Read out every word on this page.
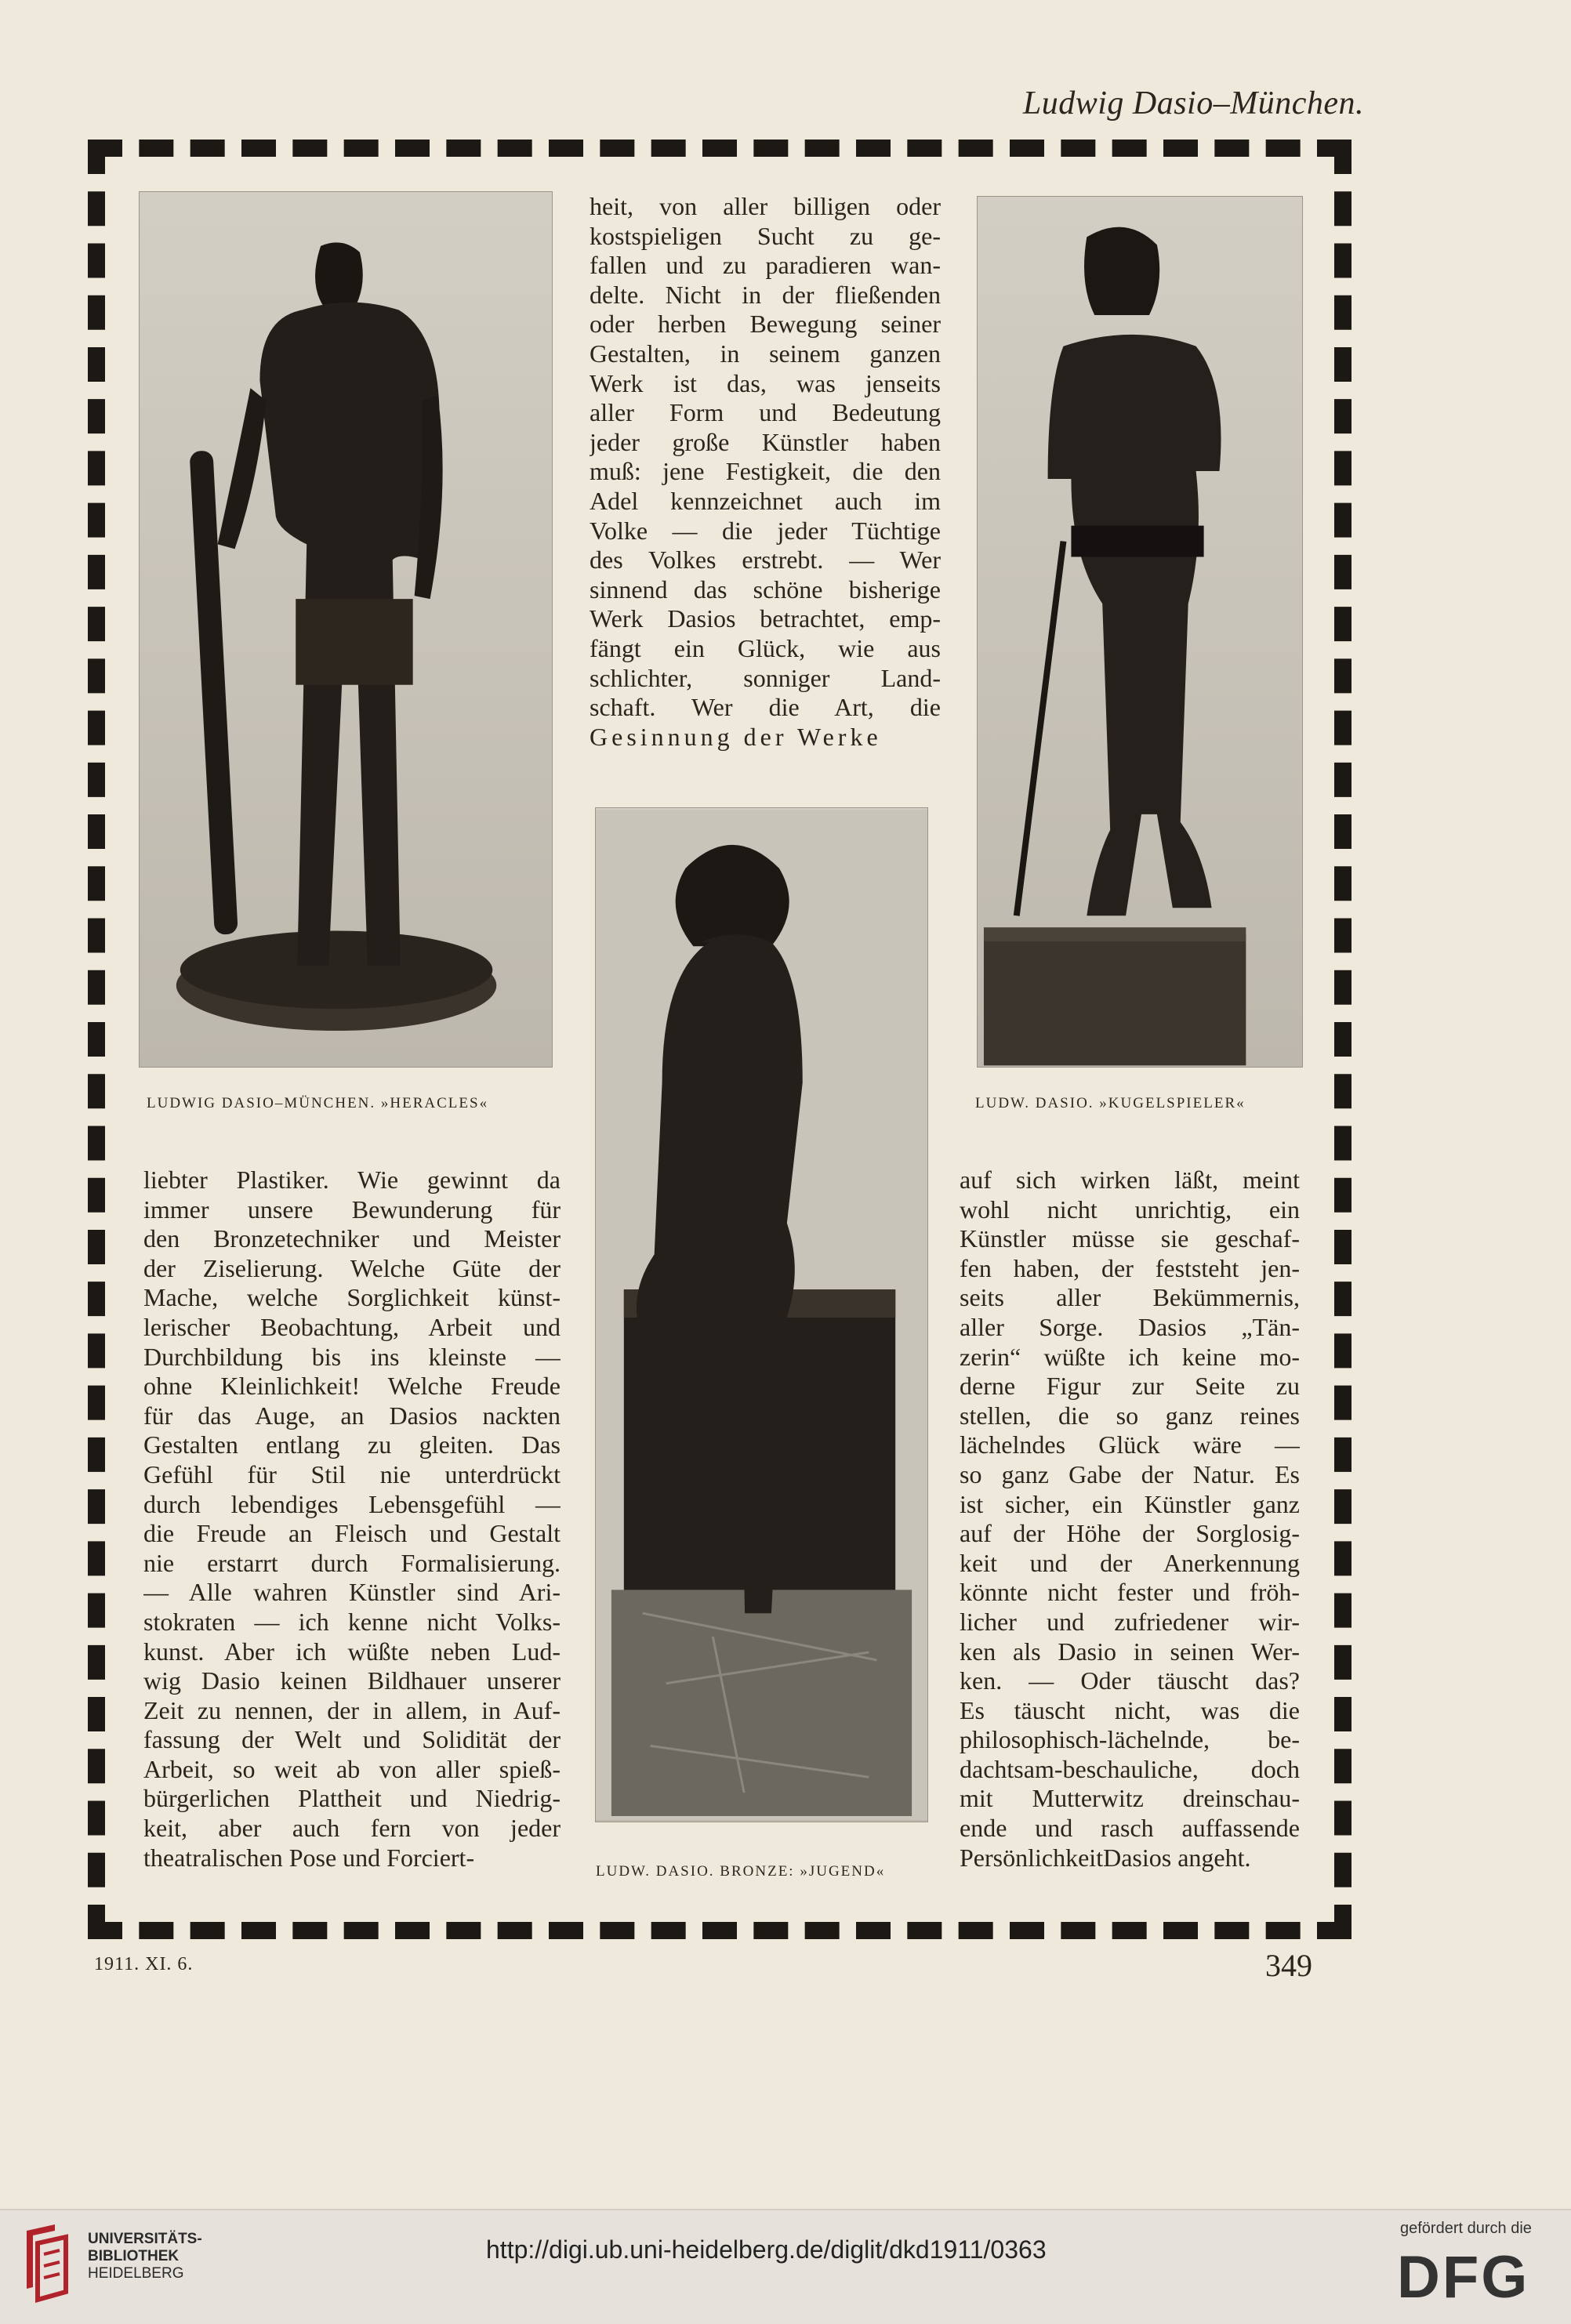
Ludwig Dasio–München.
LUDWIG DASIO–MÜNCHEN. »HERACLES«
LUDW. DASIO. BRONZE: »JUGEND«
LUDW. DASIO. »KUGELSPIELER«
heit, von aller billigen oder
kostspieligen Sucht zu ge-
fallen und zu paradieren wan-
delte. Nicht in der fließenden
oder herben Bewegung seiner
Gestalten, in seinem ganzen
Werk ist das, was jenseits
aller Form und Bedeutung
jeder große Künstler haben
muß: jene Festigkeit, die den
Adel kennzeichnet auch im
Volke — die jeder Tüchtige
des Volkes erstrebt. — Wer
sinnend das schöne bisherige
Werk Dasios betrachtet, emp-
fängt ein Glück, wie aus
schlichter, sonniger Land-
schaft. Wer die Art, die
Gesinnung der Werke
liebter Plastiker. Wie gewinnt da
immer unsere Bewunderung für
den Bronzetechniker und Meister
der Ziselierung. Welche Güte der
Mache, welche Sorglichkeit künst-
lerischer Beobachtung, Arbeit und
Durchbildung bis ins kleinste —
ohne Kleinlichkeit! Welche Freude
für das Auge, an Dasios nackten
Gestalten entlang zu gleiten. Das
Gefühl für Stil nie unterdrückt
durch lebendiges Lebensgefühl —
die Freude an Fleisch und Gestalt
nie erstarrt durch Formalisierung.
— Alle wahren Künstler sind Ari-
stokraten — ich kenne nicht Volks-
kunst. Aber ich wüßte neben Lud-
wig Dasio keinen Bildhauer unserer
Zeit zu nennen, der in allem, in Auf-
fassung der Welt und Solidität der
Arbeit, so weit ab von aller spieß-
bürgerlichen Plattheit und Niedrig-
keit, aber auch fern von jeder
theatralischen Pose und Forciert-
auf sich wirken läßt, meint
wohl nicht unrichtig, ein
Künstler müsse sie geschaf-
fen haben, der feststeht jen-
seits aller Bekümmernis,
aller Sorge. Dasios „Tän-
zerin“ wüßte ich keine mo-
derne Figur zur Seite zu
stellen, die so ganz reines
lächelndes Glück wäre —
so ganz Gabe der Natur. Es
ist sicher, ein Künstler ganz
auf der Höhe der Sorglosig-
keit und der Anerkennung
könnte nicht fester und fröh-
licher und zufriedener wir-
ken als Dasio in seinen Wer-
ken. — Oder täuscht das?
Es täuscht nicht, was die
philosophisch-lächelnde, be-
dachtsam-beschauliche, doch
mit Mutterwitz dreinschau-
ende und rasch auffassende
PersönlichkeitDasios angeht.
1911. XI. 6.	349
UNIVERSITÄTS-
BIBLIOTHEK
HEIDELBERG
http://digi.ub.uni-heidelberg.de/diglit/dkd1911/0363
gefördert durch die
DFG
